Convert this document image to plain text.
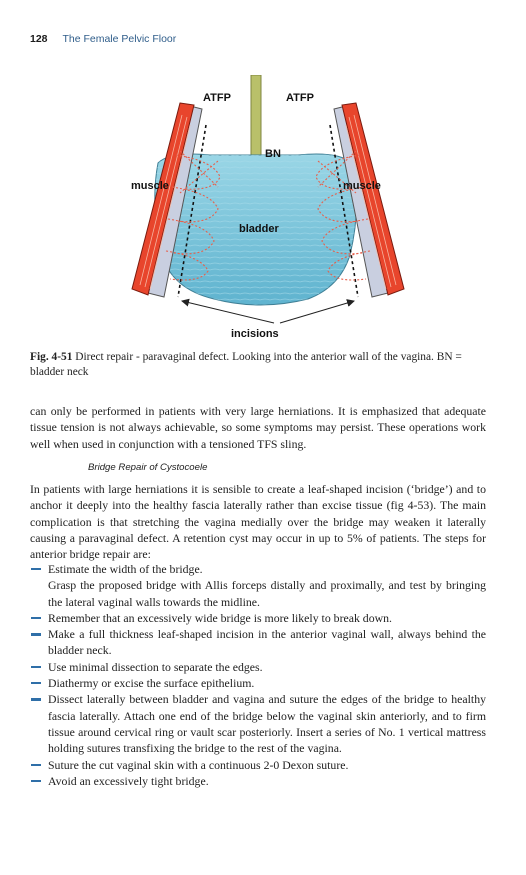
128 The Female Pelvic Floor
ATFP	ATFP
BN
muscle	muscle
bladder
incisions
Fig. 4-51 Direct repair - paravaginal defect. Looking into the anterior wall of the vagina. BN = bladder neck
can only be performed in patients with very large herniations. It is emphasized that adequate tissue tension is not always achievable, so some symptoms may persist. These operations work well when used in conjunction with a tensioned TFS sling.
Bridge Repair of Cystocoele
In patients with large herniations it is sensible to create a leaf-shaped incision (‘bridge’) and to anchor it deeply into the healthy fascia laterally rather than excise tissue (fig 4-53). The main complication is that stretching the vagina medially over the bridge may weaken it laterally causing a paravaginal defect. A retention cyst may occur in up to 5% of patients. The steps for anterior bridge repair are:
Estimate the width of the bridge.
Grasp the proposed bridge with Allis forceps distally and proximally, and test by bringing the lateral vaginal walls towards the midline.
Remember that an excessively wide bridge is more likely to break down.
Make a full thickness leaf-shaped incision in the anterior vaginal wall, always behind the bladder neck.
Use minimal dissection to separate the edges.
Diathermy or excise the surface epithelium.
Dissect laterally between bladder and vagina and suture the edges of the bridge to healthy fascia laterally. Attach one end of the bridge below the vaginal skin anteriorly, and to firm tissue around cervical ring or vault scar posteriorly. Insert a series of No. 1 vertical mattress holding sutures transfixing the bridge to the rest of the vagina.
Suture the cut vaginal skin with a continuous 2-0 Dexon suture.
Avoid an excessively tight bridge.
